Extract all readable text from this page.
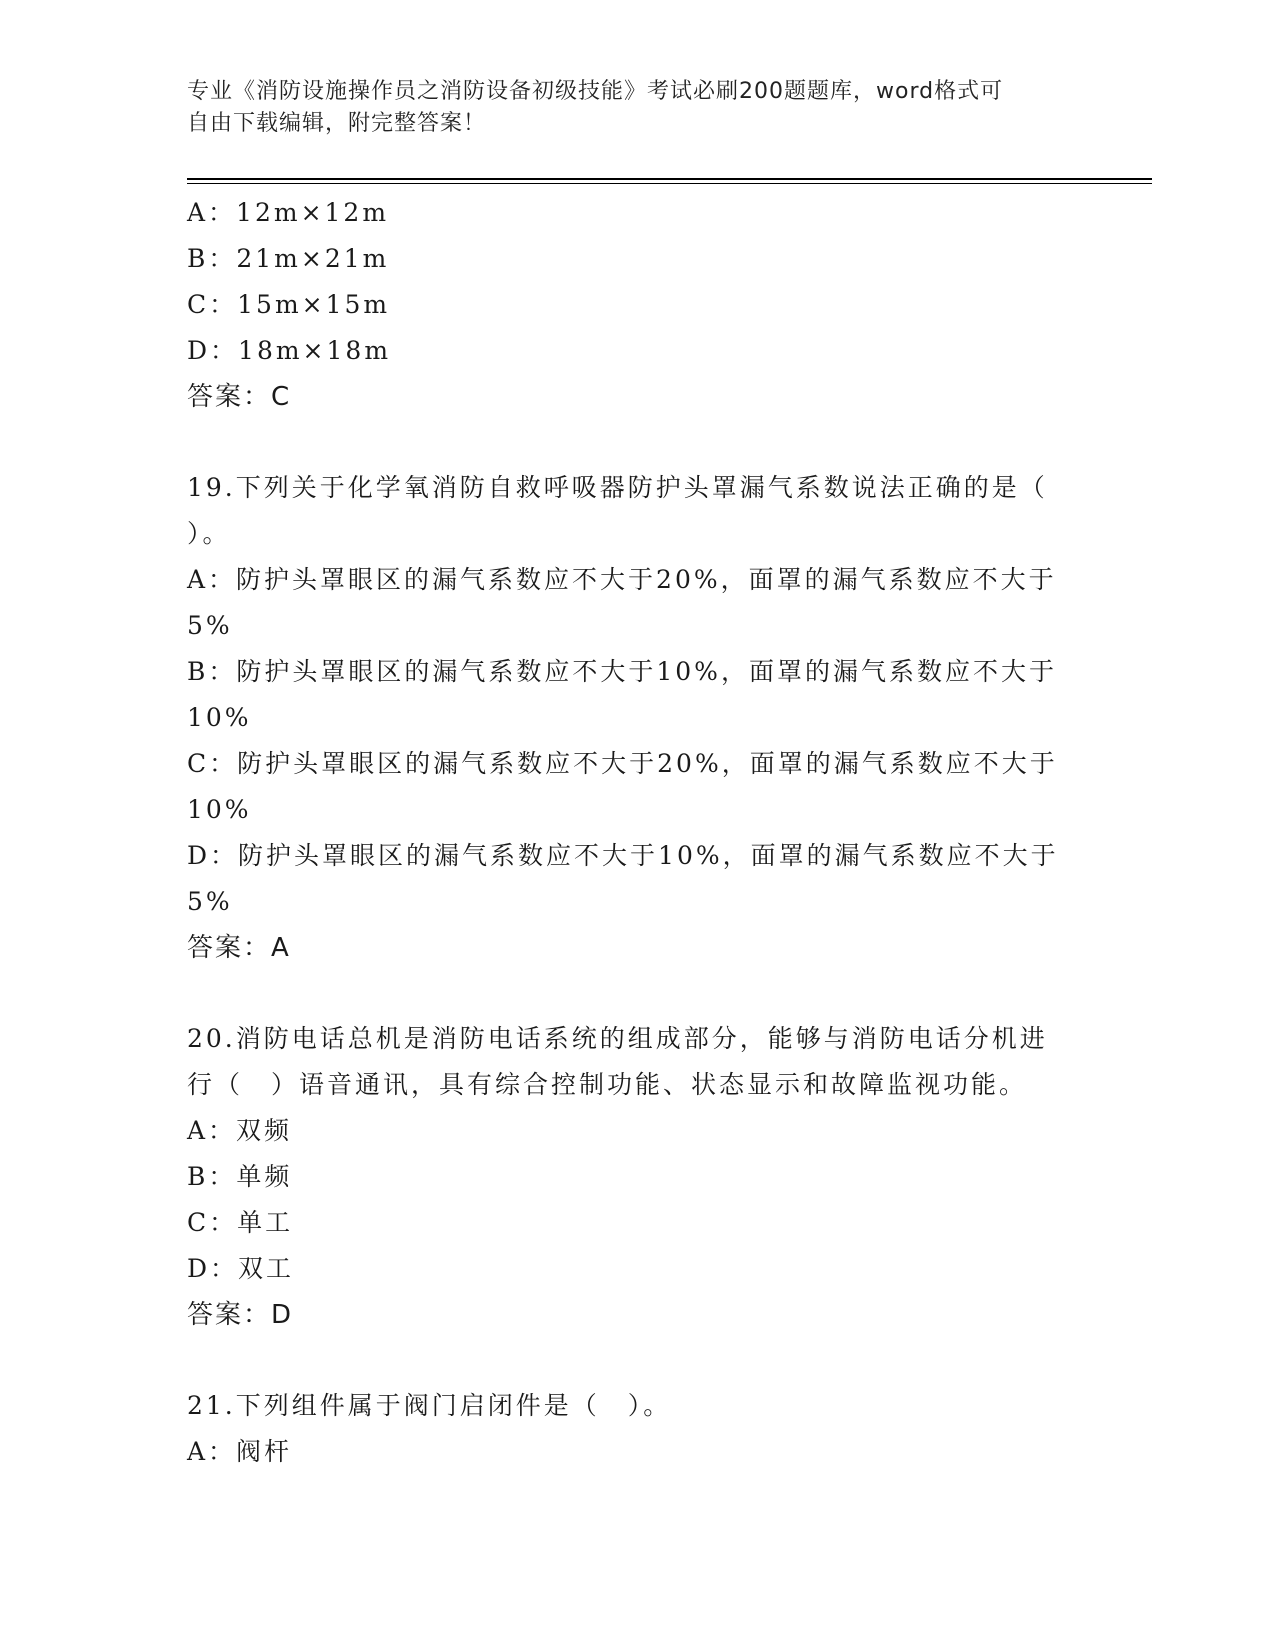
专业《消防设施操作员之消防设备初级技能》考试必刷200题题库，word格式可
自由下载编辑，附完整答案！
A：12m×12m
B：21m×21m
C：15m×15m
D：18m×18m
答案：C
19.下列关于化学氧消防自救呼吸器防护头罩漏气系数说法正确的是（
）。
A：防护头罩眼区的漏气系数应不大于20%，面罩的漏气系数应不大于
5%
B：防护头罩眼区的漏气系数应不大于10%，面罩的漏气系数应不大于
10%
C：防护头罩眼区的漏气系数应不大于20%，面罩的漏气系数应不大于
10%
D：防护头罩眼区的漏气系数应不大于10%，面罩的漏气系数应不大于
5%
答案：A
20.消防电话总机是消防电话系统的组成部分，能够与消防电话分机进
行（　）语音通讯，具有综合控制功能、状态显示和故障监视功能。
A：双频
B：单频
C：单工
D：双工
答案：D
21.下列组件属于阀门启闭件是（　）。
A：阀杆
